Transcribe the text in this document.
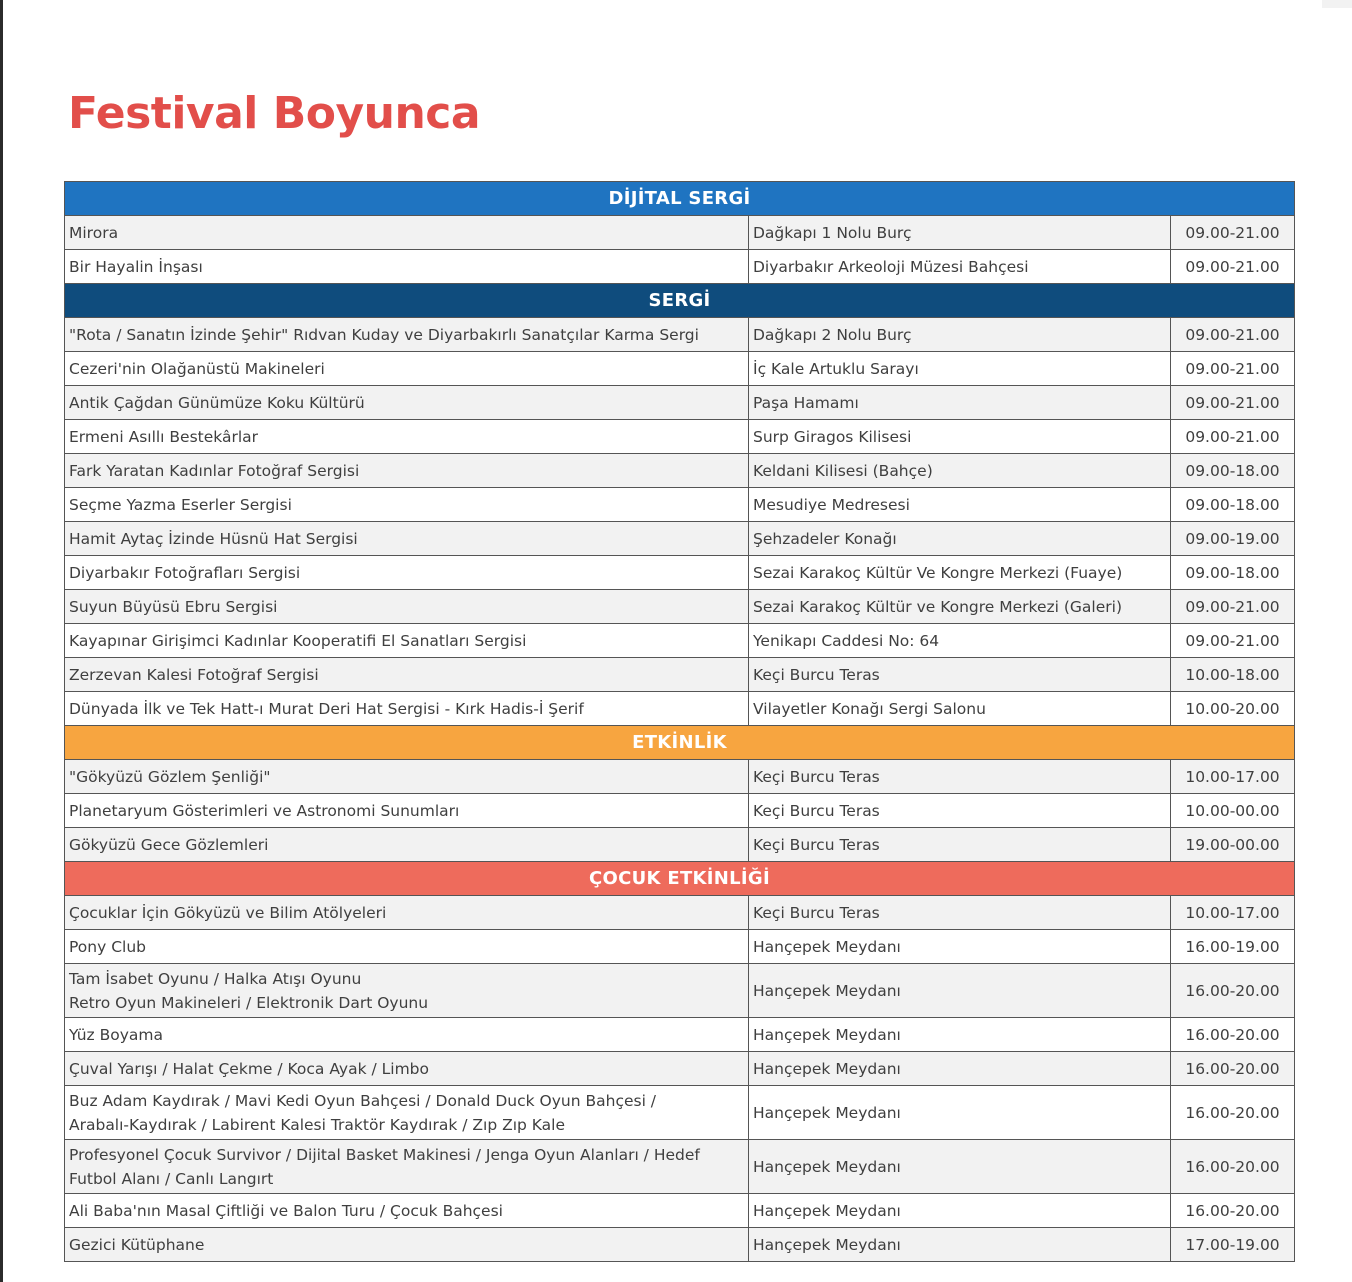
Festival Boyunca
DİJİTAL SERGİ		
Mirora	Dağkapı 1 Nolu Burç	09.00-21.00
Bir Hayalin İnşası	Diyarbakır Arkeoloji Müzesi Bahçesi	09.00-21.00
SERGİ		
"Rota / Sanatın İzinde Şehir" Rıdvan Kuday ve Diyarbakırlı Sanatçılar Karma Sergi	Dağkapı 2 Nolu Burç	09.00-21.00
Cezeri'nin Olağanüstü Makineleri	İç Kale Artuklu Sarayı	09.00-21.00
Antik Çağdan Günümüze Koku Kültürü	Paşa Hamamı	09.00-21.00
Ermeni Asıllı Bestekârlar	Surp Giragos Kilisesi	09.00-21.00
Fark Yaratan Kadınlar Fotoğraf Sergisi	Keldani Kilisesi (Bahçe)	09.00-18.00
Seçme Yazma Eserler Sergisi	Mesudiye Medresesi	09.00-18.00
Hamit Aytaç İzinde Hüsnü Hat Sergisi	Şehzadeler Konağı	09.00-19.00
Diyarbakır Fotoğrafları Sergisi	Sezai Karakoç Kültür Ve Kongre Merkezi (Fuaye)	09.00-18.00
Suyun Büyüsü Ebru Sergisi	Sezai Karakoç Kültür ve Kongre Merkezi (Galeri)	09.00-21.00
Kayapınar Girişimci Kadınlar Kooperatifi El Sanatları Sergisi	Yenikapı Caddesi No: 64	09.00-21.00
Zerzevan Kalesi Fotoğraf Sergisi	Keçi Burcu Teras	10.00-18.00
Dünyada İlk ve Tek Hatt-ı Murat Deri Hat Sergisi - Kırk Hadis-İ Şerif	Vilayetler Konağı Sergi Salonu	10.00-20.00
ETKİNLİK		
"Gökyüzü Gözlem Şenliği"	Keçi Burcu Teras	10.00-17.00
Planetaryum Gösterimleri ve Astronomi Sunumları	Keçi Burcu Teras	10.00-00.00
Gökyüzü Gece Gözlemleri	Keçi Burcu Teras	19.00-00.00
ÇOCUK ETKİNLİĞİ		
Çocuklar İçin Gökyüzü ve Bilim Atölyeleri	Keçi Burcu Teras	10.00-17.00
Pony Club	Hançepek Meydanı	16.00-19.00

Tam İsabet Oyunu / Halka Atışı Oyunu
Retro Oyun Makineleri / Elektronik Dart Oyunu	Hançepek Meydanı	16.00-20.00
Yüz Boyama	Hançepek Meydanı	16.00-20.00
Çuval Yarışı / Halat Çekme / Koca Ayak / Limbo	Hançepek Meydanı	16.00-20.00

Buz Adam Kaydırak / Mavi Kedi Oyun Bahçesi / Donald Duck Oyun Bahçesi /
Arabalı-Kaydırak / Labirent Kalesi Traktör Kaydırak / Zıp Zıp Kale	Hançepek Meydanı	16.00-20.00

Profesyonel Çocuk Survivor / Dijital Basket Makinesi / Jenga Oyun Alanları / Hedef
Futbol Alanı / Canlı Langırt	Hançepek Meydanı	16.00-20.00
Ali Baba'nın Masal Çiftliği ve Balon Turu / Çocuk Bahçesi	Hançepek Meydanı	16.00-20.00
Gezici Kütüphane	Hançepek Meydanı	17.00-19.00
